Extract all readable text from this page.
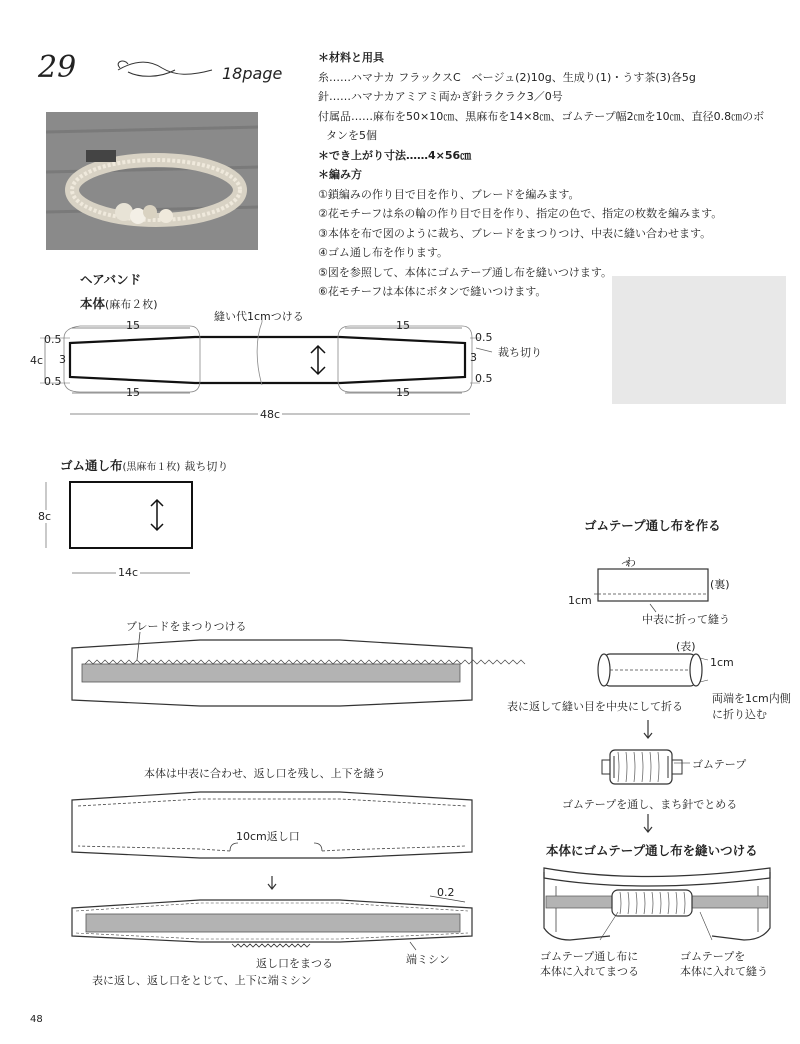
29	18page
＊材料と用具
糸……ハマナカ フラックスC　ベージュ(2)10g、生成り(1)・うす茶(3)各5g
針……ハマナカアミアミ両かぎ針ラクラク3／0号
付属品……麻布を50×10㎝、黒麻布を14×8㎝、ゴムテープ幅2㎝を10㎝、直径0.8㎝のボ
タンを5個
＊でき上がり寸法……4×56㎝
＊編み方
①鎖編みの作り目で目を作り、ブレードを編みます。
②花モチーフは糸の輪の作り目で目を作り、指定の色で、指定の枚数を編みます。
③本体を布で図のように裁ち、ブレードをまつりつけ、中表に縫い合わせます。
④ゴム通し布を作ります。
⑤図を参照して、本体にゴムテープ通し布を縫いつけます。
⑥花モチーフは本体にボタンで縫いつけます。
ヘアバンド
本体(麻布２枚)
縫い代1cmつける
裁ち切り
15	15
15	15
0.5
0.5
0.5
0.5
3	3
4c
48c
ゴム通し布(黒麻布１枚) 裁ち切り
8c
14c
ブレードをまつりつける
本体は中表に合わせ、返し口を残し、上下を縫う
10cm返し口
0.2
返し口をまつる	端ミシン
表に返し、返し口をとじて、上下に端ミシン
ゴムテープ通し布を作る
わ
(裏)
1cm
中表に折って縫う
(表)
1cm
表に返して縫い目を中央にして折る
両端を1cm内側
に折り込む
ゴムテープ
ゴムテープを通し、まち針でとめる
本体にゴムテープ通し布を縫いつける
ゴムテープ通し布に
本体に入れてまつる
ゴムテープを
本体に入れて縫う
48
